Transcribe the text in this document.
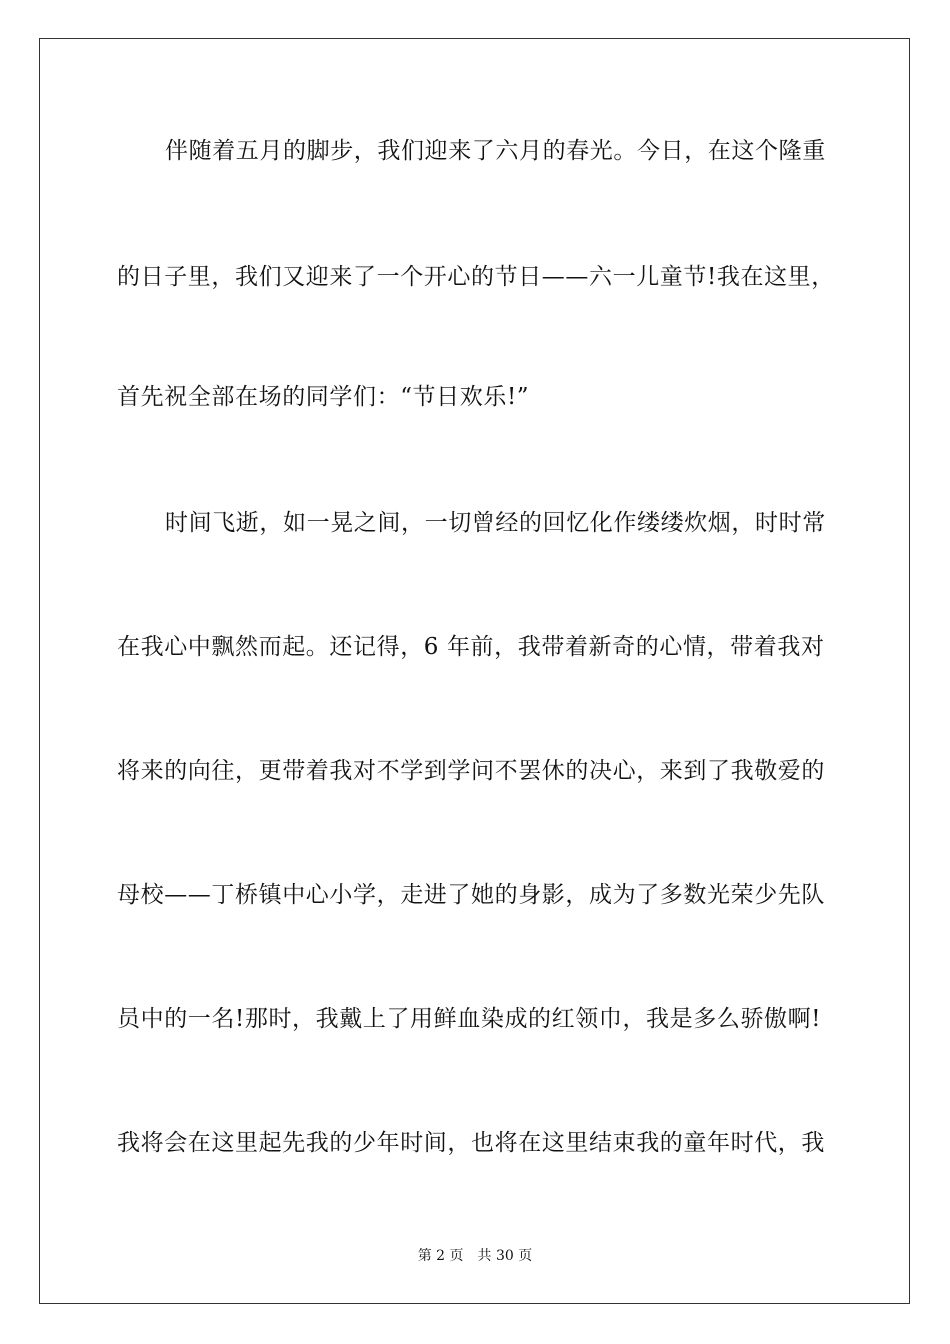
伴随着五月的脚步，我们迎来了六月的春光。今日，在这个隆重
的日子里，我们又迎来了一个开心的节日——六一儿童节!我在这里，
首先祝全部在场的同学们：“节日欢乐!”
时间飞逝，如一晃之间，一切曾经的回忆化作缕缕炊烟，时时常
在我心中飘然而起。还记得，6 年前，我带着新奇的心情，带着我对
将来的向往，更带着我对不学到学问不罢休的决心，来到了我敬爱的
母校——丁桥镇中心小学，走进了她的身影，成为了多数光荣少先队
员中的一名!那时，我戴上了用鲜血染成的红领巾，我是多么骄傲啊!
我将会在这里起先我的少年时间，也将在这里结束我的童年时代，我
第 2 页 共 30 页
